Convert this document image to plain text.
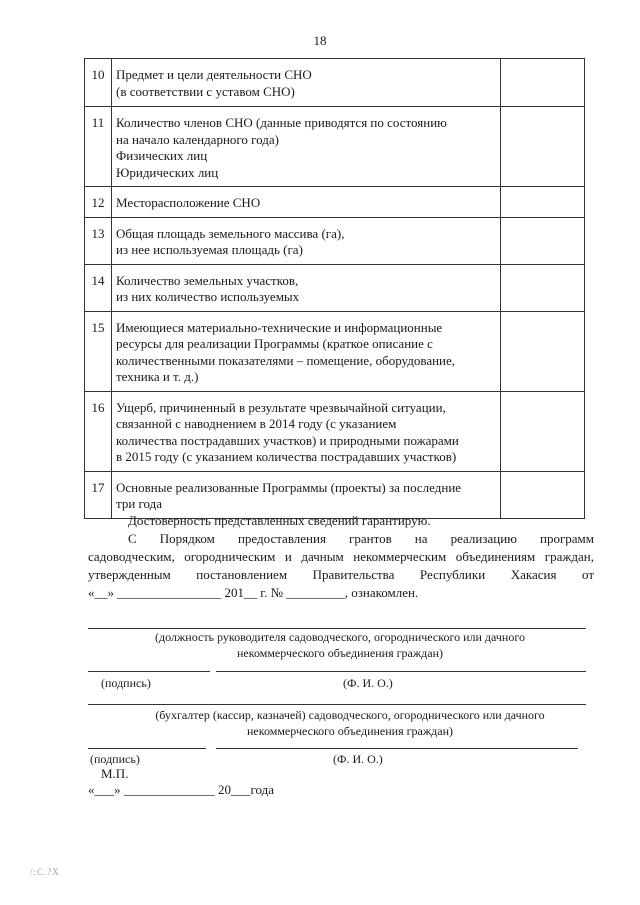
18
10	Предмет и цели деятельности СНО
(в соответствии с уставом СНО)	

11	Количество членов СНО (данные приводятся по состоянию
на начало календарного года)
Физических лиц
Юридических лиц	

12	Месторасположение СНО	

13	Общая площадь земельного массива (га),
из нее используемая площадь (га)	

14	Количество земельных участков,
из них количество используемых	

15	Имеющиеся материально-технические и информационные
ресурсы для реализации Программы (краткое описание с
количественными показателями – помещение, оборудование,
техника и т. д.)	

16	Ущерб, причиненный в результате чрезвычайной ситуации,
связанной с наводнением в 2014 году (с указанием
количества пострадавших участков) и природными пожарами
в 2015 году (с указанием количества пострадавших участков)	

17	Основные реализованные Программы (проекты) за последние
три года	

Достоверность представленных сведений гарантирую.
С Порядком предоставления грантов на реализацию программ
садоводческим, огородническим и дачным некоммерческим объединениям граждан, утвержденным постановлением Правительства Республики Хакасия от
«__» ________________ 201__ г. № _________, ознакомлен.
(должность руководителя садоводческого, огороднического или дачного некоммерческого объединения граждан)
(подпись)	(Ф. И. О.)
(бухгалтер (кассир, казначей) садоводческого, огороднического или дачного некоммерческого объединения граждан)
(подпись)	(Ф. И. О.)
М.П.
«___» ______________ 20___года
/:С.?Х
